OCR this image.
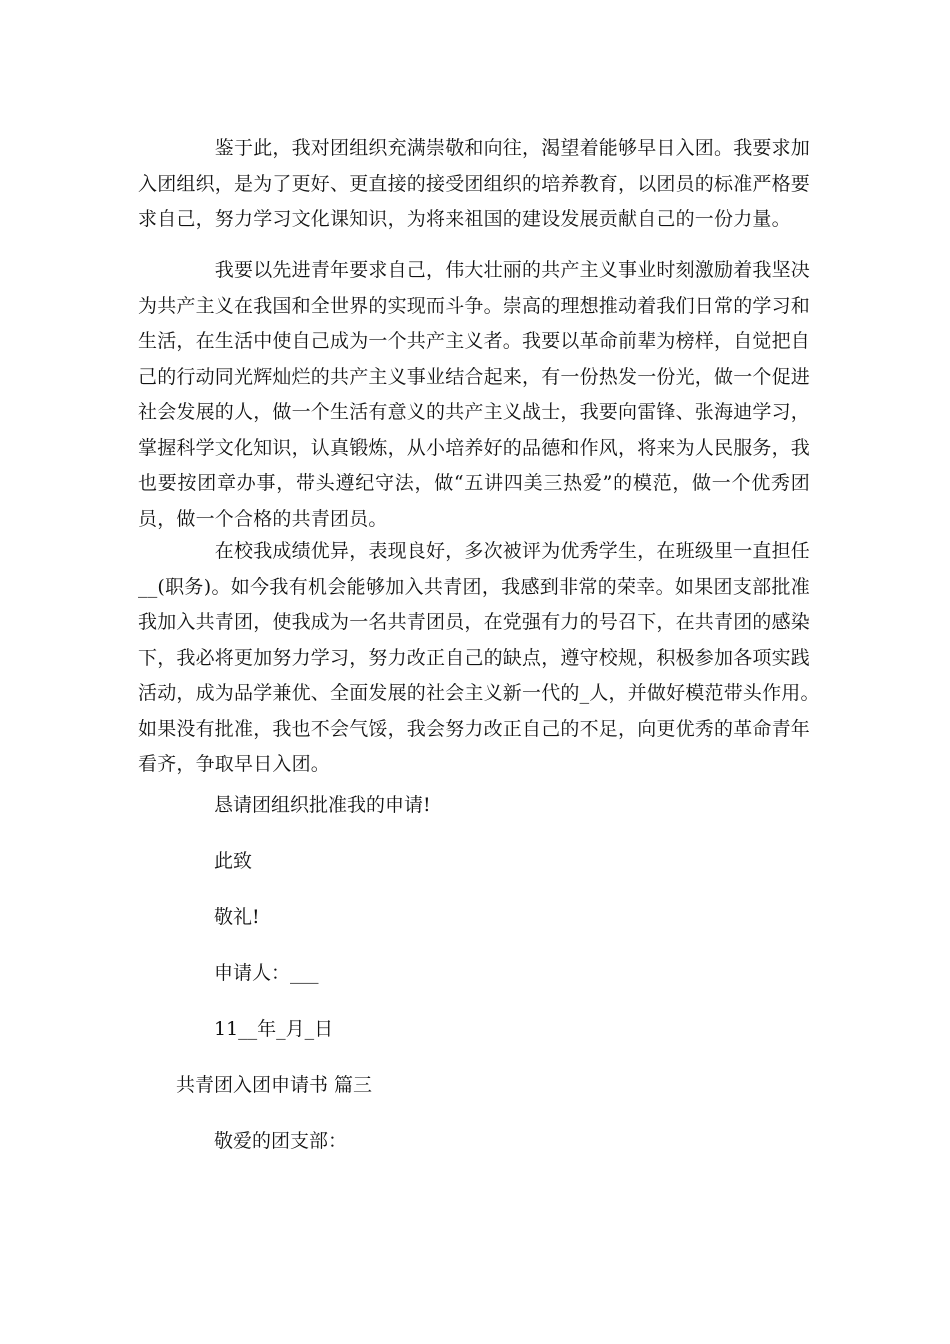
　　　　鉴于此，我对团组织充满崇敬和向往，渴望着能够早日入团。我要求加
入团组织，是为了更好、更直接的接受团组织的培养教育，以团员的标准严格要
求自己，努力学习文化课知识，为将来祖国的建设发展贡献自己的一份力量。

　　　　我要以先进青年要求自己，伟大壮丽的共产主义事业时刻激励着我坚决
为共产主义在我国和全世界的实现而斗争。崇高的理想推动着我们日常的学习和
生活，在生活中使自己成为一个共产主义者。我要以革命前辈为榜样，自觉把自
己的行动同光辉灿烂的共产主义事业结合起来，有一份热发一份光，做一个促进
社会发展的人，做一个生活有意义的共产主义战士，我要向雷锋、张海迪学习，
掌握科学文化知识，认真锻炼，从小培养好的品德和作风，将来为人民服务，我
也要按团章办事，带头遵纪守法，做“五讲四美三热爱”的模范，做一个优秀团
员，做一个合格的共青团员。

　　　　在校我成绩优异，表现良好，多次被评为优秀学生，在班级里一直担任
__(职务)。如今我有机会能够加入共青团，我感到非常的荣幸。如果团支部批准
我加入共青团，使我成为一名共青团员，在党强有力的号召下，在共青团的感染
下，我必将更加努力学习，努力改正自己的缺点，遵守校规，积极参加各项实践
活动，成为品学兼优、全面发展的社会主义新一代的_人，并做好模范带头作用。
如果没有批准，我也不会气馁，我会努力改正自己的不足，向更优秀的革命青年
看齐，争取早日入团。

恳请团组织批准我的申请!

此致

敬礼!

申请人：___

11__年_月_日

共青团入团申请书 篇三

敬爱的团支部：
